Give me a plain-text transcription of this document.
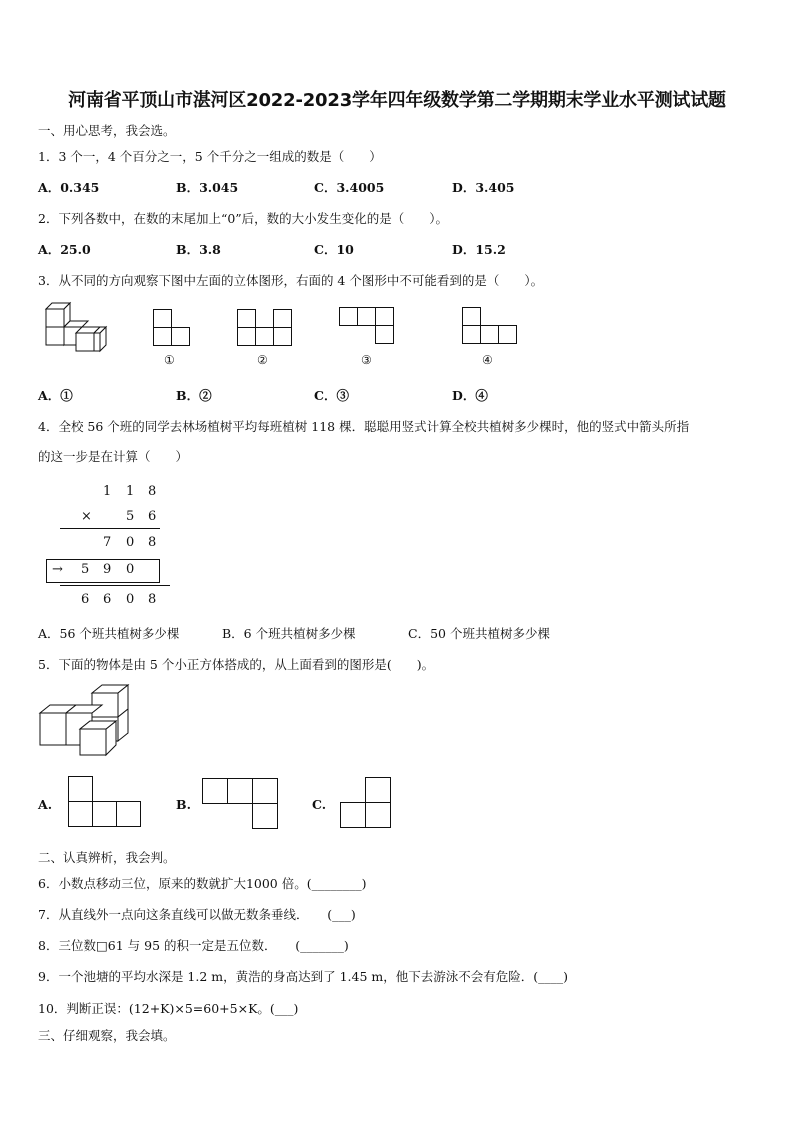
河南省平顶山市湛河区2022-2023学年四年级数学第二学期期末学业水平测试试题
一、用心思考，我会选。
1．3 个一，4 个百分之一，5 个千分之一组成的数是（　　）
A．0.345	B．3.045	C．3.4005	D．3.405
2．下列各数中，在数的末尾加上“0”后，数的大小发生变化的是（　　）。
A．25.0	B．3.8	C．10	D．15.2
3．从不同的方向观察下图中左面的立体图形，右面的 4 个图形中不可能看到的是（　　）。
①	②	③	④
A．①	B．②	C．③	D．④
4．全校 56 个班的同学去林场植树平均每班植树 118 棵．聪聪用竖式计算全校共植树多少棵时，他的竖式中箭头所指
的这一步是在计算（　　）
1 1 8
×	5 6
7 0 8
→ 5 9 0
6 6 0 8
A．56 个班共植树多少棵	B．6 个班共植树多少棵	C．50 个班共植树多少棵
5．下面的物体是由 5 个小正方体搭成的，从上面看到的图形是(　　)。
A.	B.	C.
二、认真辨析，我会判。
6．小数点移动三位，原来的数就扩大1000 倍。(________)
7．从直线外一点向这条直线可以做无数条垂线．　　(___)
8．三位数□61 与 95 的积一定是五位数．　　(_______)
9．一个池塘的平均水深是 1.2 m，黄浩的身高达到了 1.45 m，他下去游泳不会有危险．(____)
10．判断正误：(12+K)×5=60+5×K。(___)
三、仔细观察，我会填。
